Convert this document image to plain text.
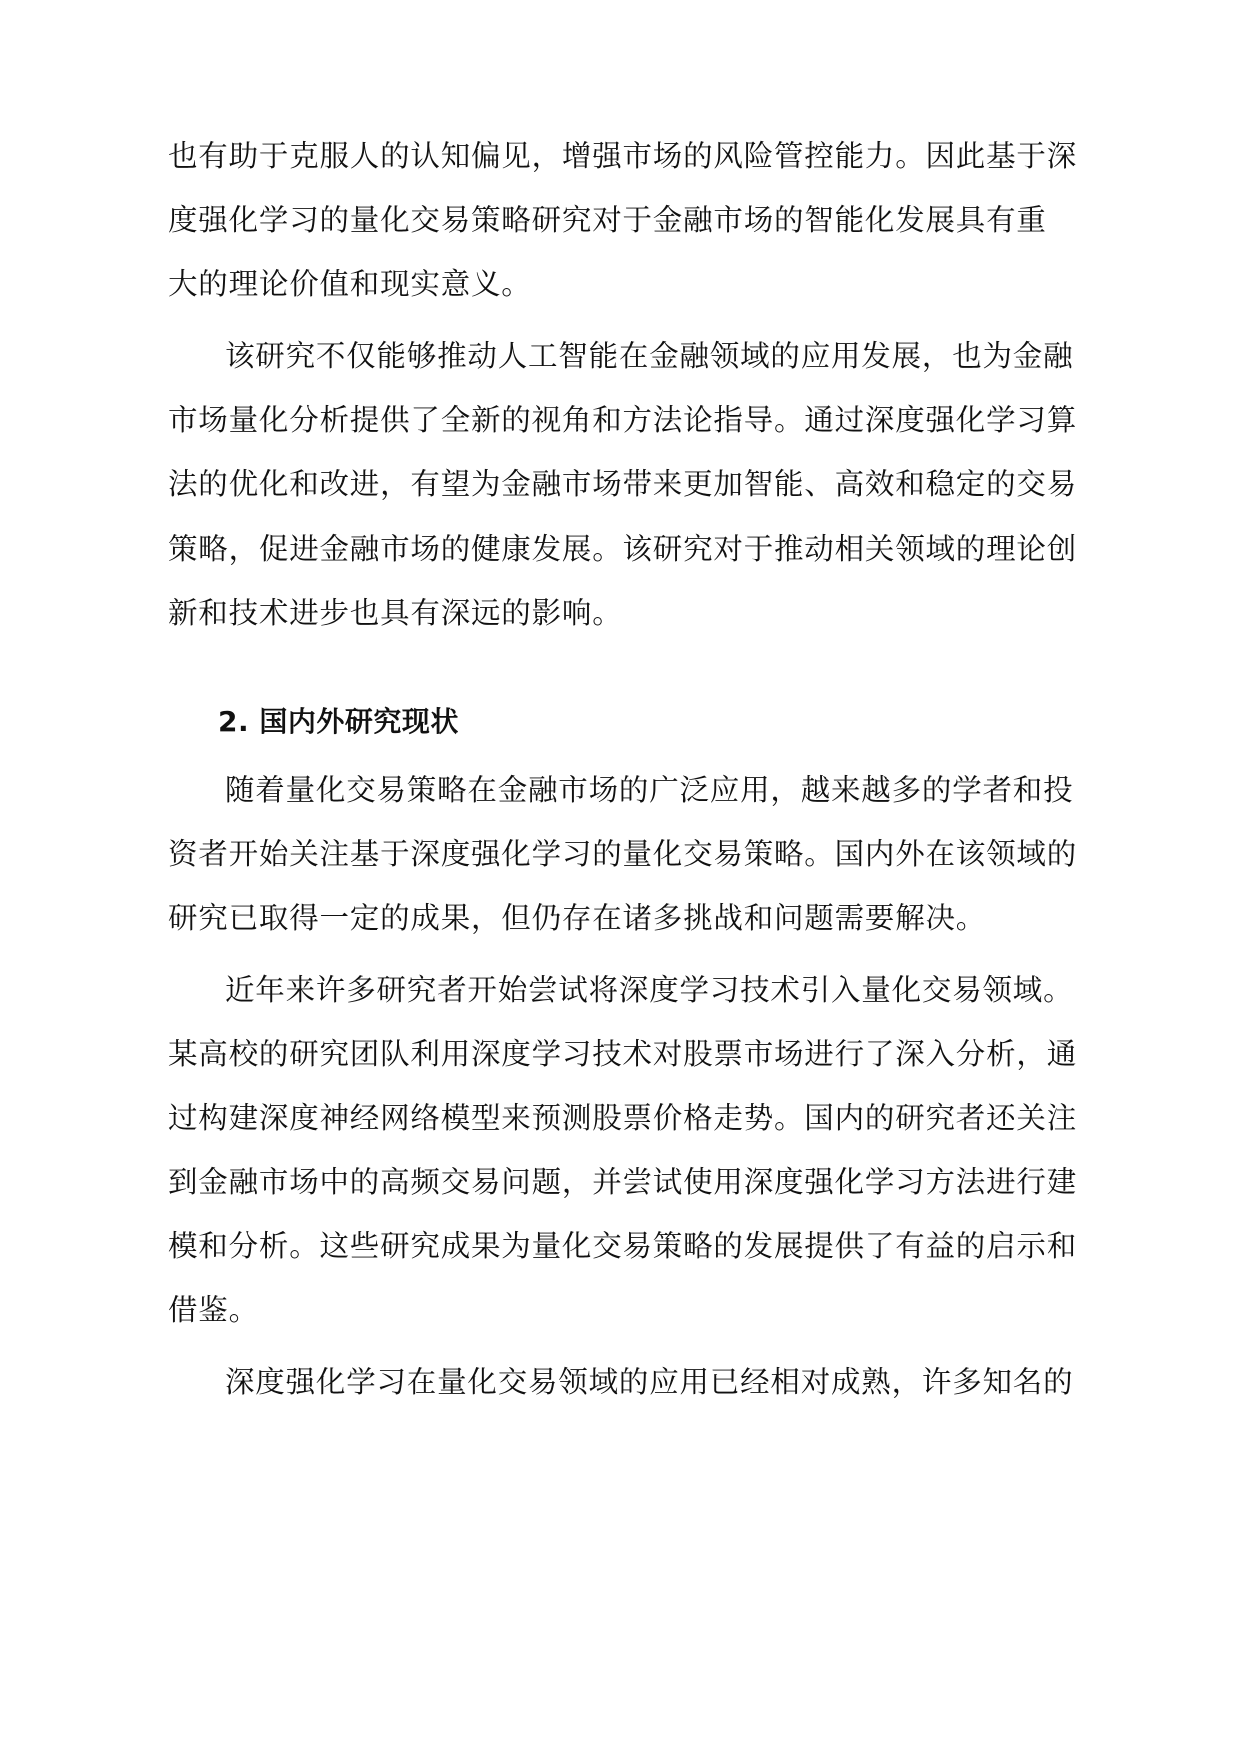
也有助于克服人的认知偏见，增强市场的风险管控能力。因此基于深
度强化学习的量化交易策略研究对于金融市场的智能化发展具有重
大的理论价值和现实意义。
该研究不仅能够推动人工智能在金融领域的应用发展，也为金融
市场量化分析提供了全新的视角和方法论指导。通过深度强化学习算
法的优化和改进，有望为金融市场带来更加智能、高效和稳定的交易
策略，促进金融市场的健康发展。该研究对于推动相关领域的理论创
新和技术进步也具有深远的影响。
2. 国内外研究现状
随着量化交易策略在金融市场的广泛应用，越来越多的学者和投
资者开始关注基于深度强化学习的量化交易策略。国内外在该领域的
研究已取得一定的成果，但仍存在诸多挑战和问题需要解决。
近年来许多研究者开始尝试将深度学习技术引入量化交易领域。
某高校的研究团队利用深度学习技术对股票市场进行了深入分析，通
过构建深度神经网络模型来预测股票价格走势。国内的研究者还关注
到金融市场中的高频交易问题，并尝试使用深度强化学习方法进行建
模和分析。这些研究成果为量化交易策略的发展提供了有益的启示和
借鉴。
深度强化学习在量化交易领域的应用已经相对成熟，许多知名的
